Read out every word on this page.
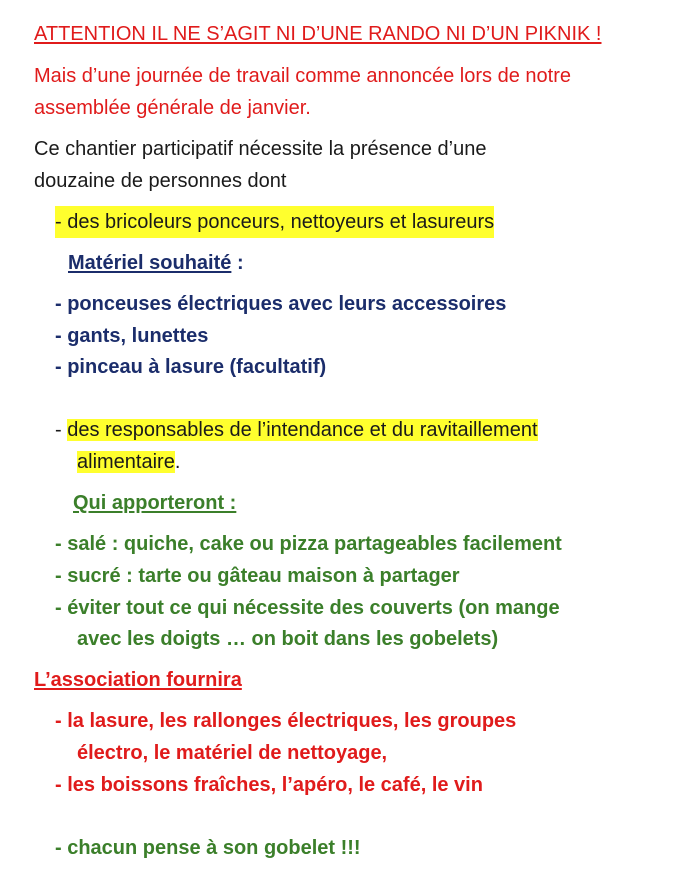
ATTENTION IL NE S’AGIT NI D’UNE RANDO NI D’UN PIKNIK !
Mais d’une journée de travail comme annoncée lors de notre
assemblée générale de janvier.
Ce chantier participatif nécessite la présence d’une
douzaine de personnes dont
- des bricoleurs ponceurs, nettoyeurs et lasureurs
Matériel souhaité :
- ponceuses électriques avec leurs accessoires
- gants, lunettes
- pinceau à lasure (facultatif)
- des responsables de l’intendance et du ravitaillement
alimentaire.
Qui apporteront :
- salé : quiche, cake ou pizza partageables facilement
- sucré : tarte ou gâteau maison à partager
- éviter tout ce qui nécessite des couverts (on mange
avec les doigts … on boit dans les gobelets)
L’association fournira
- la lasure, les rallonges électriques, les groupes
électro, le matériel de nettoyage,
- les boissons fraîches, l’apéro, le café, le vin
- chacun pense à son gobelet !!!
